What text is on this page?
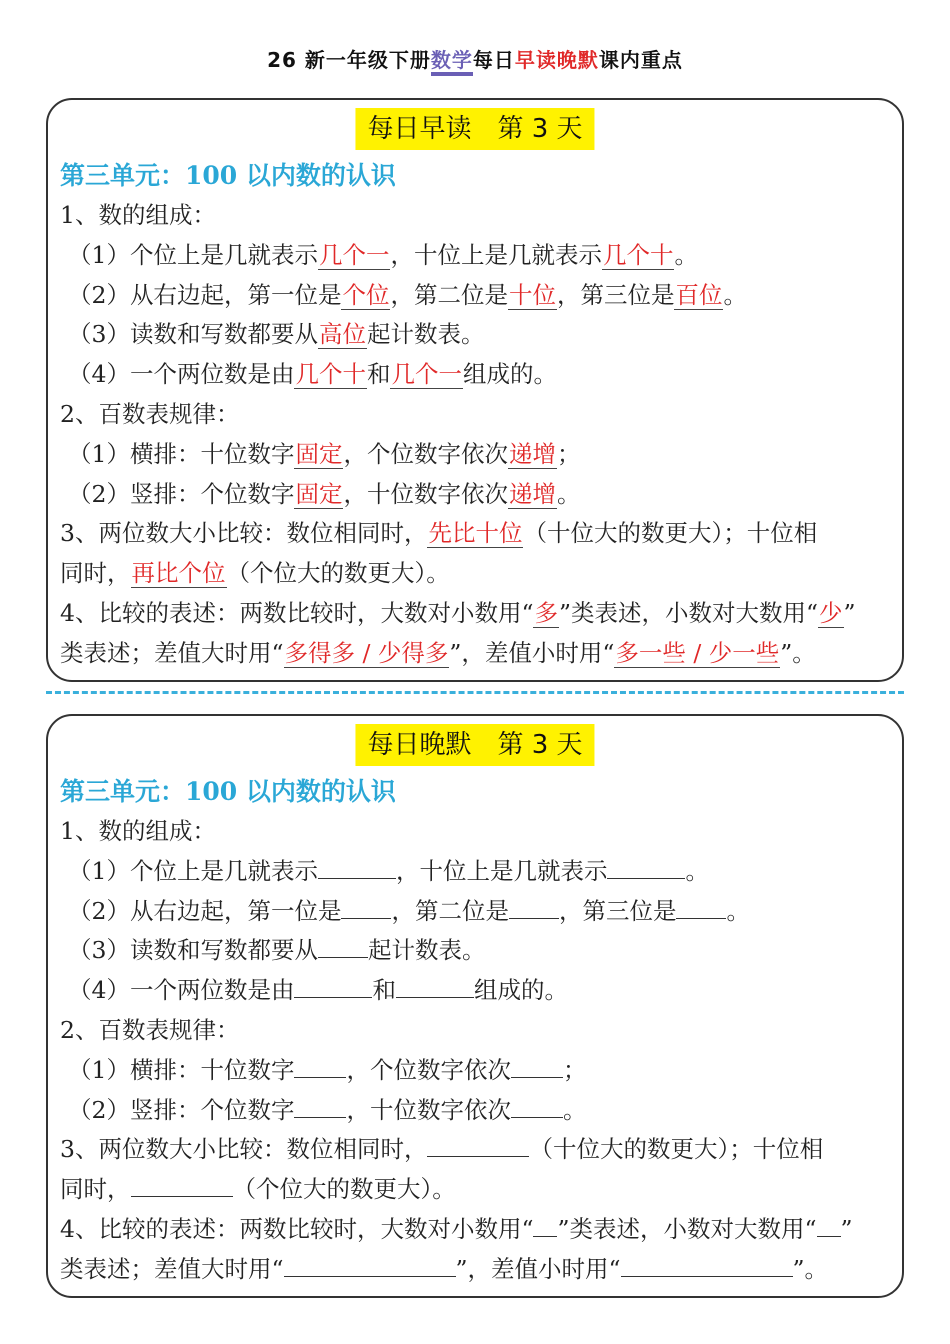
26 新一年级下册数学每日早读晚默课内重点
每日早读　第 3 天
第三单元：100 以内数的认识
1、数的组成：
（1）个位上是几就表示几个一，十位上是几就表示几个十。
（2）从右边起，第一位是个位，第二位是十位，第三位是百位。
（3）读数和写数都要从高位起计数表。
（4）一个两位数是由几个十和几个一组成的。
2、百数表规律：
（1）横排：十位数字固定，个位数字依次递增；
（2）竖排：个位数字固定，十位数字依次递增。
3、两位数大小比较：数位相同时，先比十位（十位大的数更大）；十位相
同时，再比个位（个位大的数更大）。
4、比较的表述：两数比较时，大数对小数用“多”类表述，小数对大数用“少”
类表述；差值大时用“多得多 / 少得多”，差值小时用“多一些 / 少一些”。
每日晚默　第 3 天
第三单元：100 以内数的认识
1、数的组成：
（1）个位上是几就表示	，十位上是几就表示	。
（2）从右边起，第一位是 ，第二位是 ，第三位是 。
（3）读数和写数都要从 起计数表。
（4）一个两位数是由	和	组成的。
2、百数表规律：
（1）横排：十位数字 ，个位数字依次 ；
（2）竖排：个位数字 ，十位数字依次 。
3、两位数大小比较：数位相同时，	（十位大的数更大）；十位相
同时，	（个位大的数更大）。
4、比较的表述：两数比较时，大数对小数用“ ”类表述，小数对大数用“ ”
类表述；差值大时用“	”，差值小时用“	”。
